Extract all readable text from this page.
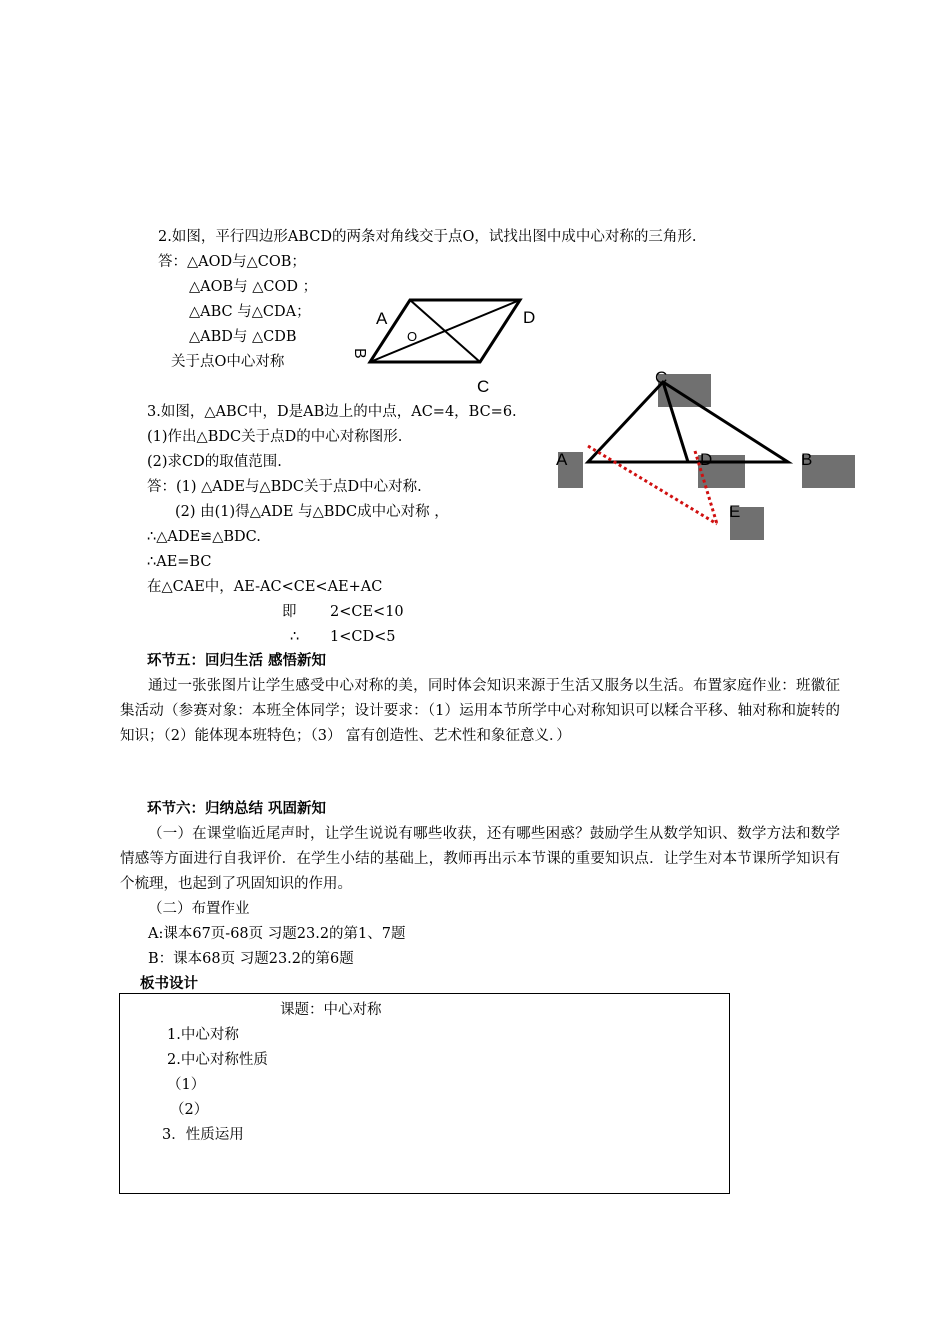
2.如图，平行四边形ABCD的两条对角线交于点O，试找出图中成中心对称的三角形.
答：△AOD与△COB；
△AOB与 △COD ；
△ABC 与△CDA；
△ABD与 △CDB
关于点O中心对称
A	D
O
B
C
3.如图，△ABC中，D是AB边上的中点，AC=4，BC=6.
(1)作出△BDC关于点D的中心对称图形.
(2)求CD的取值范围.
答：(1) △ADE与△BDC关于点D中心对称.
(2) 由(1)得△ADE 与△BDC成中心对称 ，
∴△ADE≌△BDC.
∴AE=BC
在△CAE中，AE-AC<CE<AE+AC
即 2<CE<10
∴ 1<CD<5
C
A	D	B
E
环节五：回归生活 感悟新知
通过一张张图片让学生感受中心对称的美，同时体会知识来源于生活又服务以生活。布置家庭作业：班徽征集活动（参赛对象：本班全体同学；设计要求：（1）运用本节所学中心对称知识可以糅合平移、轴对称和旋转的知识；（2）能体现本班特色；（3） 富有创造性、艺术性和象征意义．）
环节六：归纳总结 巩固新知
（一）在课堂临近尾声时，让学生说说有哪些收获，还有哪些困惑？鼓励学生从数学知识、数学方法和数学情感等方面进行自我评价．在学生小结的基础上，教师再出示本节课的重要知识点．让学生对本节课所学知识有个梳理，也起到了巩固知识的作用。
（二）布置作业
A:课本67页-68页 习题23.2的第1、7题
B：课本68页 习题23.2的第6题
板书设计
课题：中心对称
1.中心对称
2.中心对称性质
（1）
（2）
3．性质运用
